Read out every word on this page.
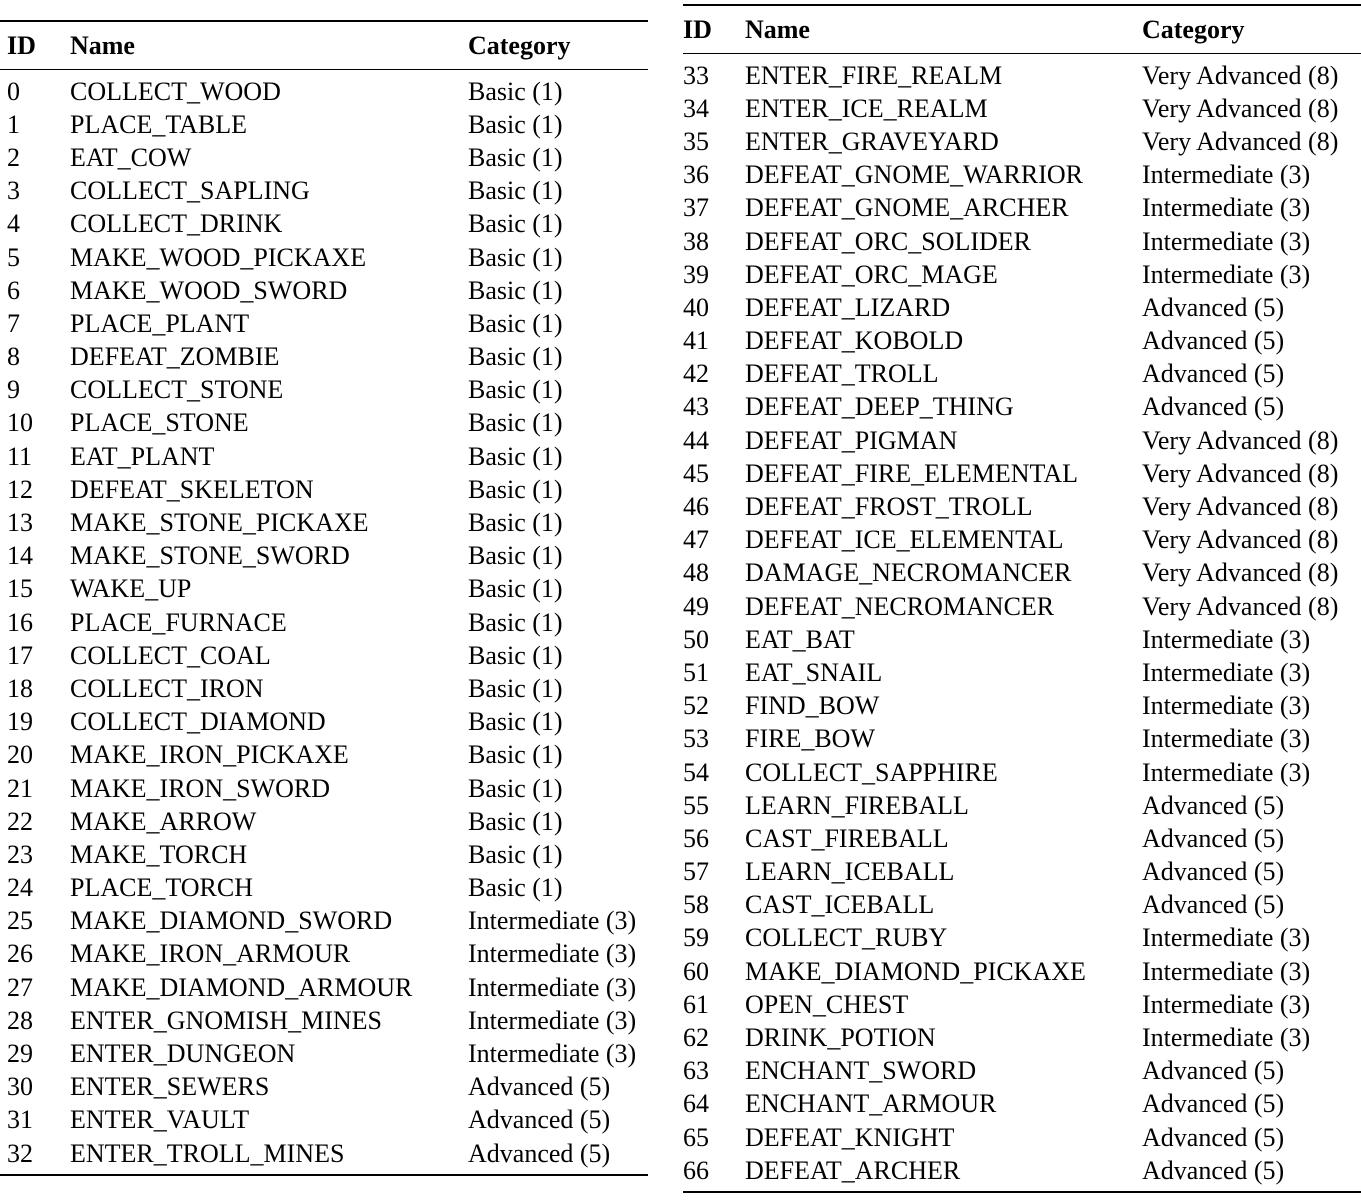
ID	Name	Category
0	COLLECT_WOOD	Basic (1)
1	PLACE_TABLE	Basic (1)
2	EAT_COW	Basic (1)
3	COLLECT_SAPLING	Basic (1)
4	COLLECT_DRINK	Basic (1)
5	MAKE_WOOD_PICKAXE	Basic (1)
6	MAKE_WOOD_SWORD	Basic (1)
7	PLACE_PLANT	Basic (1)
8	DEFEAT_ZOMBIE	Basic (1)
9	COLLECT_STONE	Basic (1)
10	PLACE_STONE	Basic (1)
11	EAT_PLANT	Basic (1)
12	DEFEAT_SKELETON	Basic (1)
13	MAKE_STONE_PICKAXE	Basic (1)
14	MAKE_STONE_SWORD	Basic (1)
15	WAKE_UP	Basic (1)
16	PLACE_FURNACE	Basic (1)
17	COLLECT_COAL	Basic (1)
18	COLLECT_IRON	Basic (1)
19	COLLECT_DIAMOND	Basic (1)
20	MAKE_IRON_PICKAXE	Basic (1)
21	MAKE_IRON_SWORD	Basic (1)
22	MAKE_ARROW	Basic (1)
23	MAKE_TORCH	Basic (1)
24	PLACE_TORCH	Basic (1)
25	MAKE_DIAMOND_SWORD	Intermediate (3)
26	MAKE_IRON_ARMOUR	Intermediate (3)
27	MAKE_DIAMOND_ARMOUR	Intermediate (3)
28	ENTER_GNOMISH_MINES	Intermediate (3)
29	ENTER_DUNGEON	Intermediate (3)
30	ENTER_SEWERS	Advanced (5)
31	ENTER_VAULT	Advanced (5)
32	ENTER_TROLL_MINES	Advanced (5)
ID	Name	Category
33	ENTER_FIRE_REALM	Very Advanced (8)
34	ENTER_ICE_REALM	Very Advanced (8)
35	ENTER_GRAVEYARD	Very Advanced (8)
36	DEFEAT_GNOME_WARRIOR	Intermediate (3)
37	DEFEAT_GNOME_ARCHER	Intermediate (3)
38	DEFEAT_ORC_SOLIDER	Intermediate (3)
39	DEFEAT_ORC_MAGE	Intermediate (3)
40	DEFEAT_LIZARD	Advanced (5)
41	DEFEAT_KOBOLD	Advanced (5)
42	DEFEAT_TROLL	Advanced (5)
43	DEFEAT_DEEP_THING	Advanced (5)
44	DEFEAT_PIGMAN	Very Advanced (8)
45	DEFEAT_FIRE_ELEMENTAL	Very Advanced (8)
46	DEFEAT_FROST_TROLL	Very Advanced (8)
47	DEFEAT_ICE_ELEMENTAL	Very Advanced (8)
48	DAMAGE_NECROMANCER	Very Advanced (8)
49	DEFEAT_NECROMANCER	Very Advanced (8)
50	EAT_BAT	Intermediate (3)
51	EAT_SNAIL	Intermediate (3)
52	FIND_BOW	Intermediate (3)
53	FIRE_BOW	Intermediate (3)
54	COLLECT_SAPPHIRE	Intermediate (3)
55	LEARN_FIREBALL	Advanced (5)
56	CAST_FIREBALL	Advanced (5)
57	LEARN_ICEBALL	Advanced (5)
58	CAST_ICEBALL	Advanced (5)
59	COLLECT_RUBY	Intermediate (3)
60	MAKE_DIAMOND_PICKAXE	Intermediate (3)
61	OPEN_CHEST	Intermediate (3)
62	DRINK_POTION	Intermediate (3)
63	ENCHANT_SWORD	Advanced (5)
64	ENCHANT_ARMOUR	Advanced (5)
65	DEFEAT_KNIGHT	Advanced (5)
66	DEFEAT_ARCHER	Advanced (5)
